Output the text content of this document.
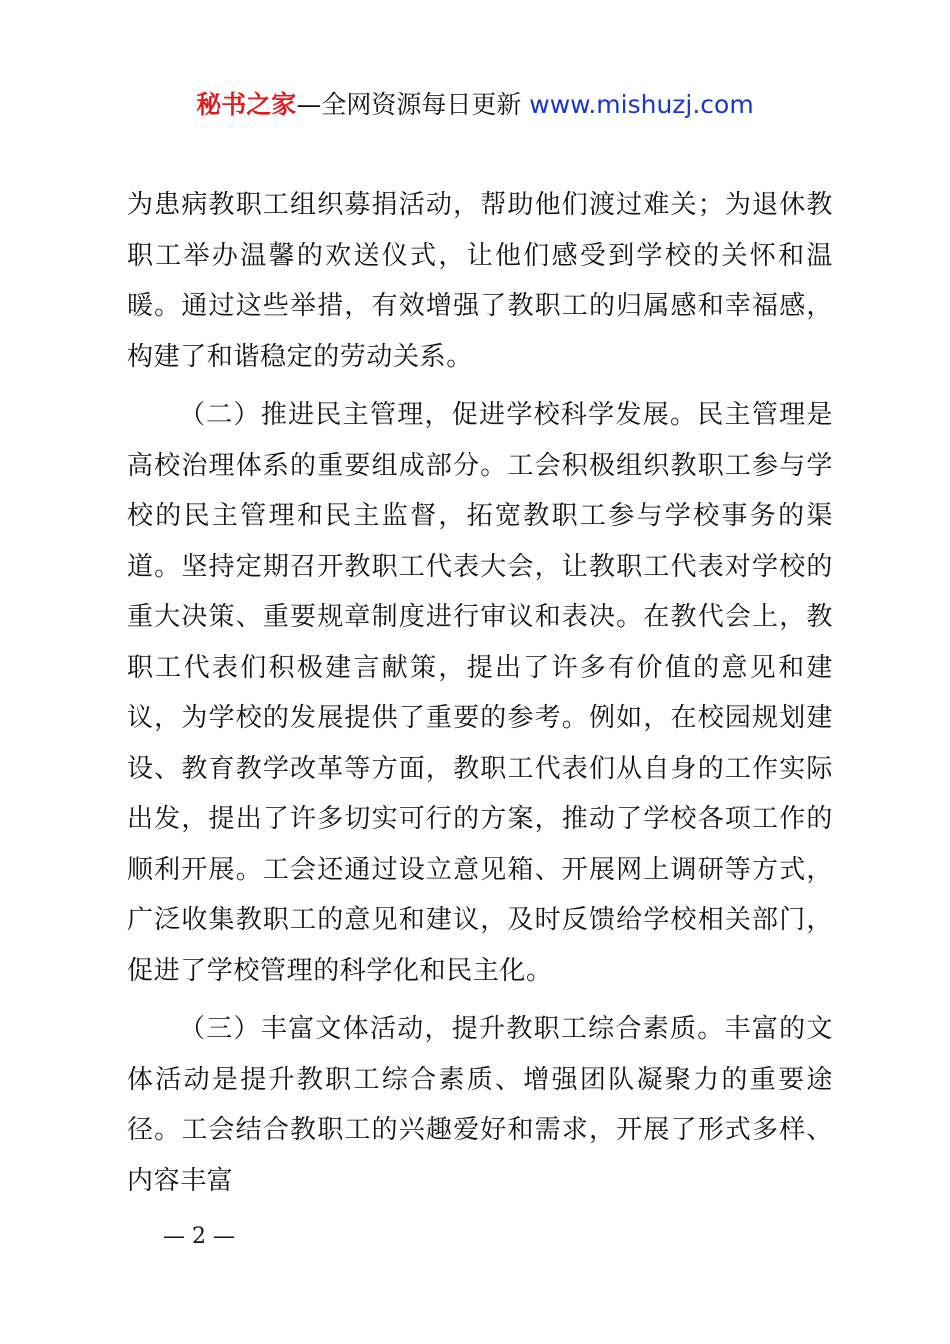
秘书之家—全网资源每日更新 www.mishuzj.com

为患病教职工组织募捐活动，帮助他们渡过难关；为退休教职工举办温馨的欢送仪式，让他们感受到学校的关怀和温暖。通过这些举措，有效增强了教职工的归属感和幸福感，构建了和谐稳定的劳动关系。

（二）推进民主管理，促进学校科学发展。民主管理是高校治理体系的重要组成部分。工会积极组织教职工参与学校的民主管理和民主监督，拓宽教职工参与学校事务的渠道。坚持定期召开教职工代表大会，让教职工代表对学校的重大决策、重要规章制度进行审议和表决。在教代会上，教职工代表们积极建言献策，提出了许多有价值的意见和建议，为学校的发展提供了重要的参考。例如，在校园规划建设、教育教学改革等方面，教职工代表们从自身的工作实际出发，提出了许多切实可行的方案，推动了学校各项工作的顺利开展。工会还通过设立意见箱、开展网上调研等方式，广泛收集教职工的意见和建议，及时反馈给学校相关部门，促进了学校管理的科学化和民主化。

（三）丰富文体活动，提升教职工综合素质。丰富的文体活动是提升教职工综合素质、增强团队凝聚力的重要途径。工会结合教职工的兴趣爱好和需求，开展了形式多样、内容丰富

— 2 —
